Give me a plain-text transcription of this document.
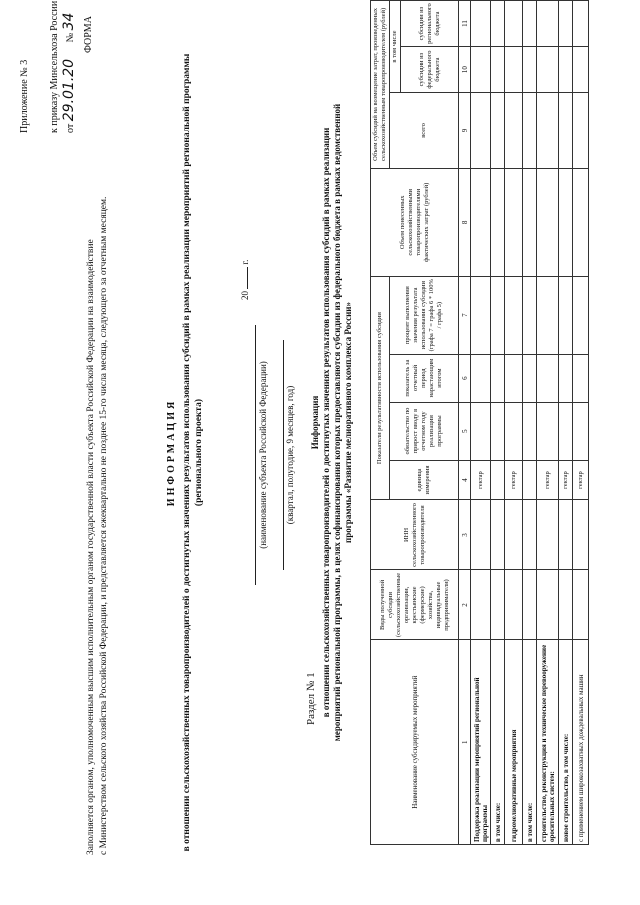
Приложение № 3 к приказу Минсельхоза России от 29.01.20 № 34 ФОРМА
Заполняется органом, уполномоченным высшим исполнительным органом государственной власти субъекта Российской Федерации на взаимодействие с Министерством сельского хозяйства Российской Федерации, и представляется ежеквартально не позднее 15-го числа месяца, следующего за отчетным месяцем.	ИНФОРМАЦИЯ в отношении сельскохозяйственных товаропроизводителей о достигнутых значениях результатов использования субсидий в рамках реализации мероприятий региональной программы (регионального проекта)	(наименование субъекта Российской Федерации)
20  г.
(квартал, полугодие, 9 месяцев, год)
Раздел № 1
Информация в отношении сельскохозяйственных товаропроизводителей о достигнутых значениях результатов использования субсидий в рамках реализации мероприятий региональной программы, в целях софинансирования которых предоставляются субсидии из федерального бюджета в рамках ведомственной программы «Развитие мелиоративного комплекса России»
Наименование субсидируемых мероприятий	Виды полученной субсидии (сельскохозяйственные организации, крестьянские (фермерские) хозяйства, индивидуальные предприниматели)	ИНН сельскохозяйственного товаропроизводителя	Показатели результативности использования субсидии				Объем понесенных сельскохозяйственными товаропроизводителями фактических затрат (рублей)	Объем субсидий на возмещение затрат, произведенных сельскохозяйственным товаропроизводителем (рублей)		
			единица измерения	обязательство по прирост вводу в отчетном году реализации программы	показатель за отчетный период нарастающим итогом	процент выполнения значения результата использования субсидии (графа 7 = графа 6 * 100% / графа 5)		всего	в том числе	
									субсидии из федерального бюджета	субсидии из регионального бюджета
1	2	3	4	5	6	7	8	9	10	11
Поддержка реализации мероприятий региональной программы			гектар							
в том числе:										
гидромелиоративные мероприятия			гектар							
в том числе:										
строительство, реконструкция и техническое перевооружение оросительных систем:			гектар							
новое строительство, в том числе:			гектар							
с применением широкозахватных дождевальных машин			гектар							
